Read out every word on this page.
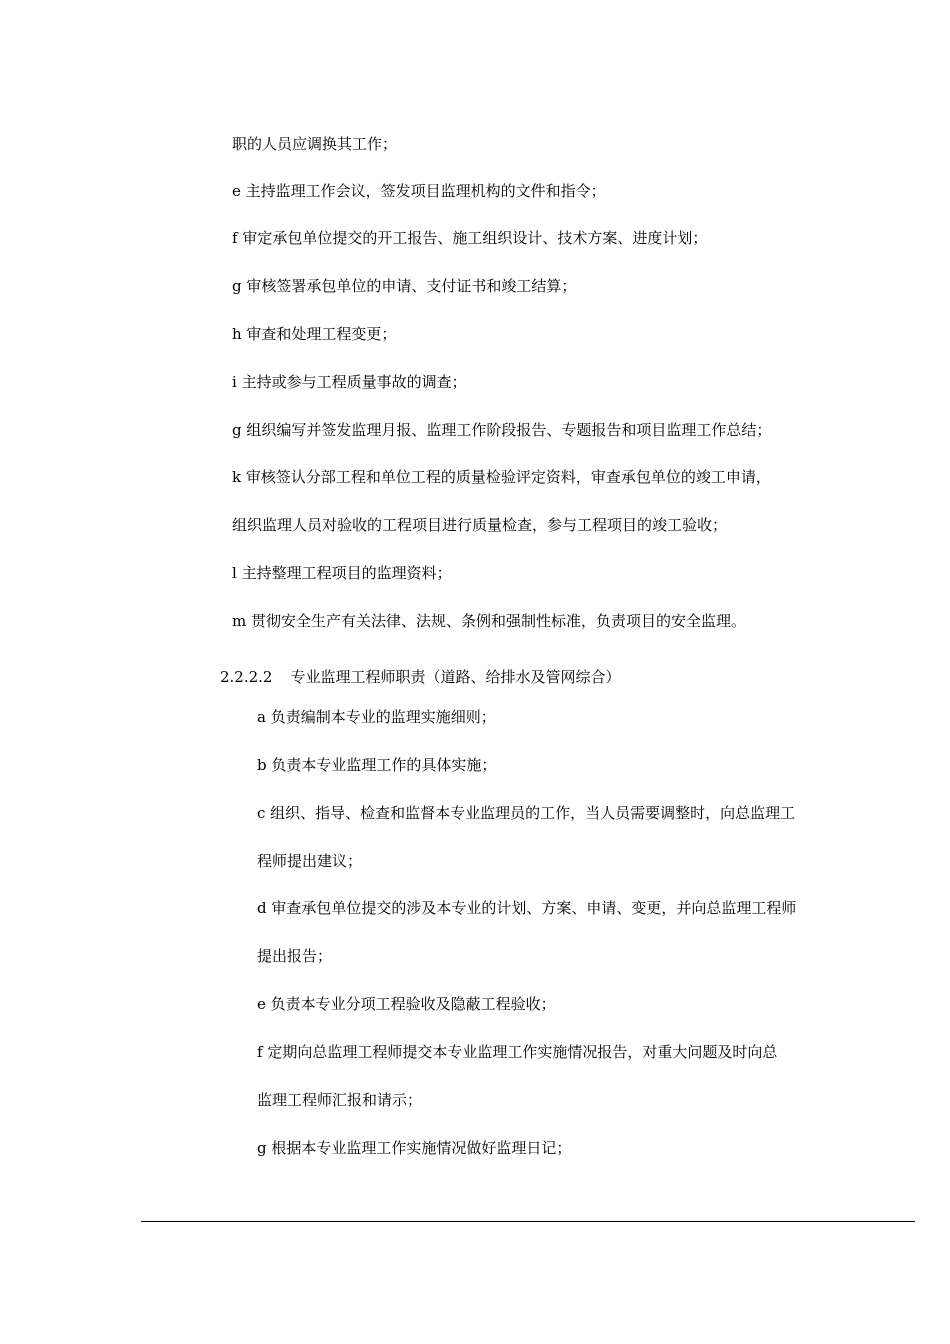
职的人员应调换其工作；

e 主持监理工作会议，签发项目监理机构的文件和指令；

f 审定承包单位提交的开工报告、施工组织设计、技术方案、进度计划；

g 审核签署承包单位的申请、支付证书和竣工结算；

h 审查和处理工程变更；

i 主持或参与工程质量事故的调查；

g 组织编写并签发监理月报、监理工作阶段报告、专题报告和项目监理工作总结；

k 审核签认分部工程和单位工程的质量检验评定资料，审查承包单位的竣工申请，

组织监理人员对验收的工程项目进行质量检查，参与工程项目的竣工验收；

l 主持整理工程项目的监理资料；

m 贯彻安全生产有关法律、法规、条例和强制性标准，负责项目的安全监理。

2.2.2.2 专业监理工程师职责（道路、给排水及管网综合）

a 负责编制本专业的监理实施细则；

b 负责本专业监理工作的具体实施；

c 组织、指导、检查和监督本专业监理员的工作，当人员需要调整时，向总监理工

程师提出建议；

d 审查承包单位提交的涉及本专业的计划、方案、申请、变更，并向总监理工程师

提出报告；

e 负责本专业分项工程验收及隐蔽工程验收；

f 定期向总监理工程师提交本专业监理工作实施情况报告，对重大问题及时向总

监理工程师汇报和请示；

g 根据本专业监理工作实施情况做好监理日记；
